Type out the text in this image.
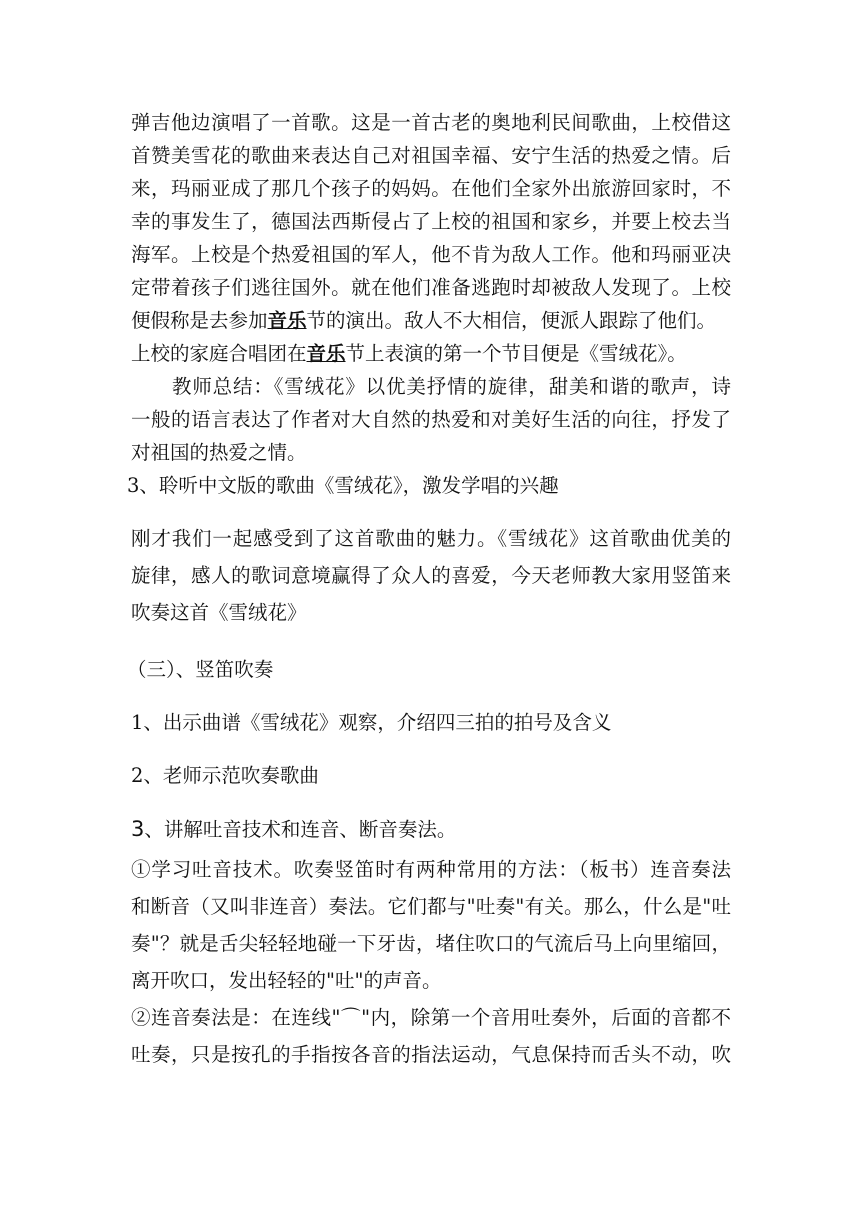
弹吉他边演唱了一首歌。这是一首古老的奥地利民间歌曲，上校借这
首赞美雪花的歌曲来表达自己对祖国幸福、安宁生活的热爱之情。后
来，玛丽亚成了那几个孩子的妈妈。在他们全家外出旅游回家时，不
幸的事发生了，德国法西斯侵占了上校的祖国和家乡，并要上校去当
海军。上校是个热爱祖国的军人，他不肯为敌人工作。他和玛丽亚决
定带着孩子们逃往国外。就在他们准备逃跑时却被敌人发现了。上校
便假称是去参加音乐节的演出。敌人不大相信，便派人跟踪了他们。
上校的家庭合唱团在音乐节上表演的第一个节目便是《雪绒花》。
教师总结：《雪绒花》以优美抒情的旋律，甜美和谐的歌声，诗
一般的语言表达了作者对大自然的热爱和对美好生活的向往，抒发了
对祖国的热爱之情。
3、聆听中文版的歌曲《雪绒花》，激发学唱的兴趣
刚才我们一起感受到了这首歌曲的魅力。《雪绒花》这首歌曲优美的
旋律，感人的歌词意境赢得了众人的喜爱，今天老师教大家用竖笛来
吹奏这首《雪绒花》
（三）、竖笛吹奏
1、出示曲谱《雪绒花》观察，介绍四三拍的拍号及含义
2、老师示范吹奏歌曲
3、讲解吐音技术和连音、断音奏法。
①学习吐音技术。吹奏竖笛时有两种常用的方法：（板书）连音奏法
和断音（又叫非连音）奏法。它们都与"吐奏"有关。那么，什么是"吐
奏"？就是舌尖轻轻地碰一下牙齿，堵住吹口的气流后马上向里缩回，
离开吹口，发出轻轻的"吐"的声音。
②连音奏法是：在连线"⌒"内，除第一个音用吐奏外，后面的音都不
吐奏，只是按孔的手指按各音的指法运动，气息保持而舌头不动，吹
